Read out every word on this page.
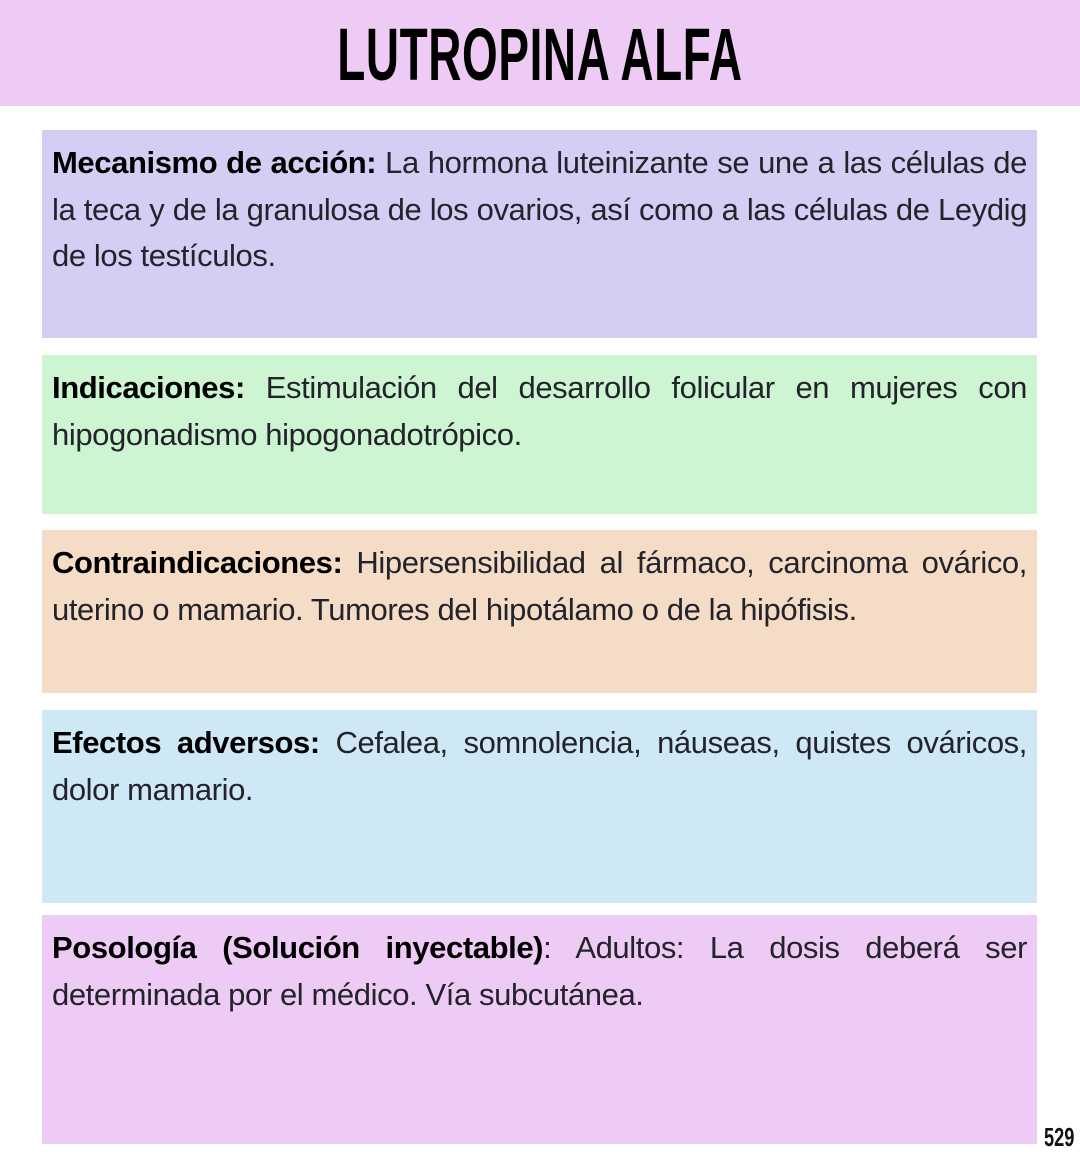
LUTROPINA ALFA

Mecanismo de acción: La hormona luteinizante se une a las células de la teca y de la granulosa de los ovarios, así como a las células de Leydig de los testículos.

Indicaciones: Estimulación del desarrollo folicular en mujeres con hipogonadismo hipogonadotrópico.

Contraindicaciones: Hipersensibilidad al fármaco, carcinoma ovárico, uterino o mamario. Tumores del hipotálamo o de la hipófisis.

Efectos adversos: Cefalea, somnolencia, náuseas, quistes ováricos, dolor mamario.

Posología (Solución inyectable): Adultos: La dosis deberá ser determinada por el médico. Vía subcutánea.

529
